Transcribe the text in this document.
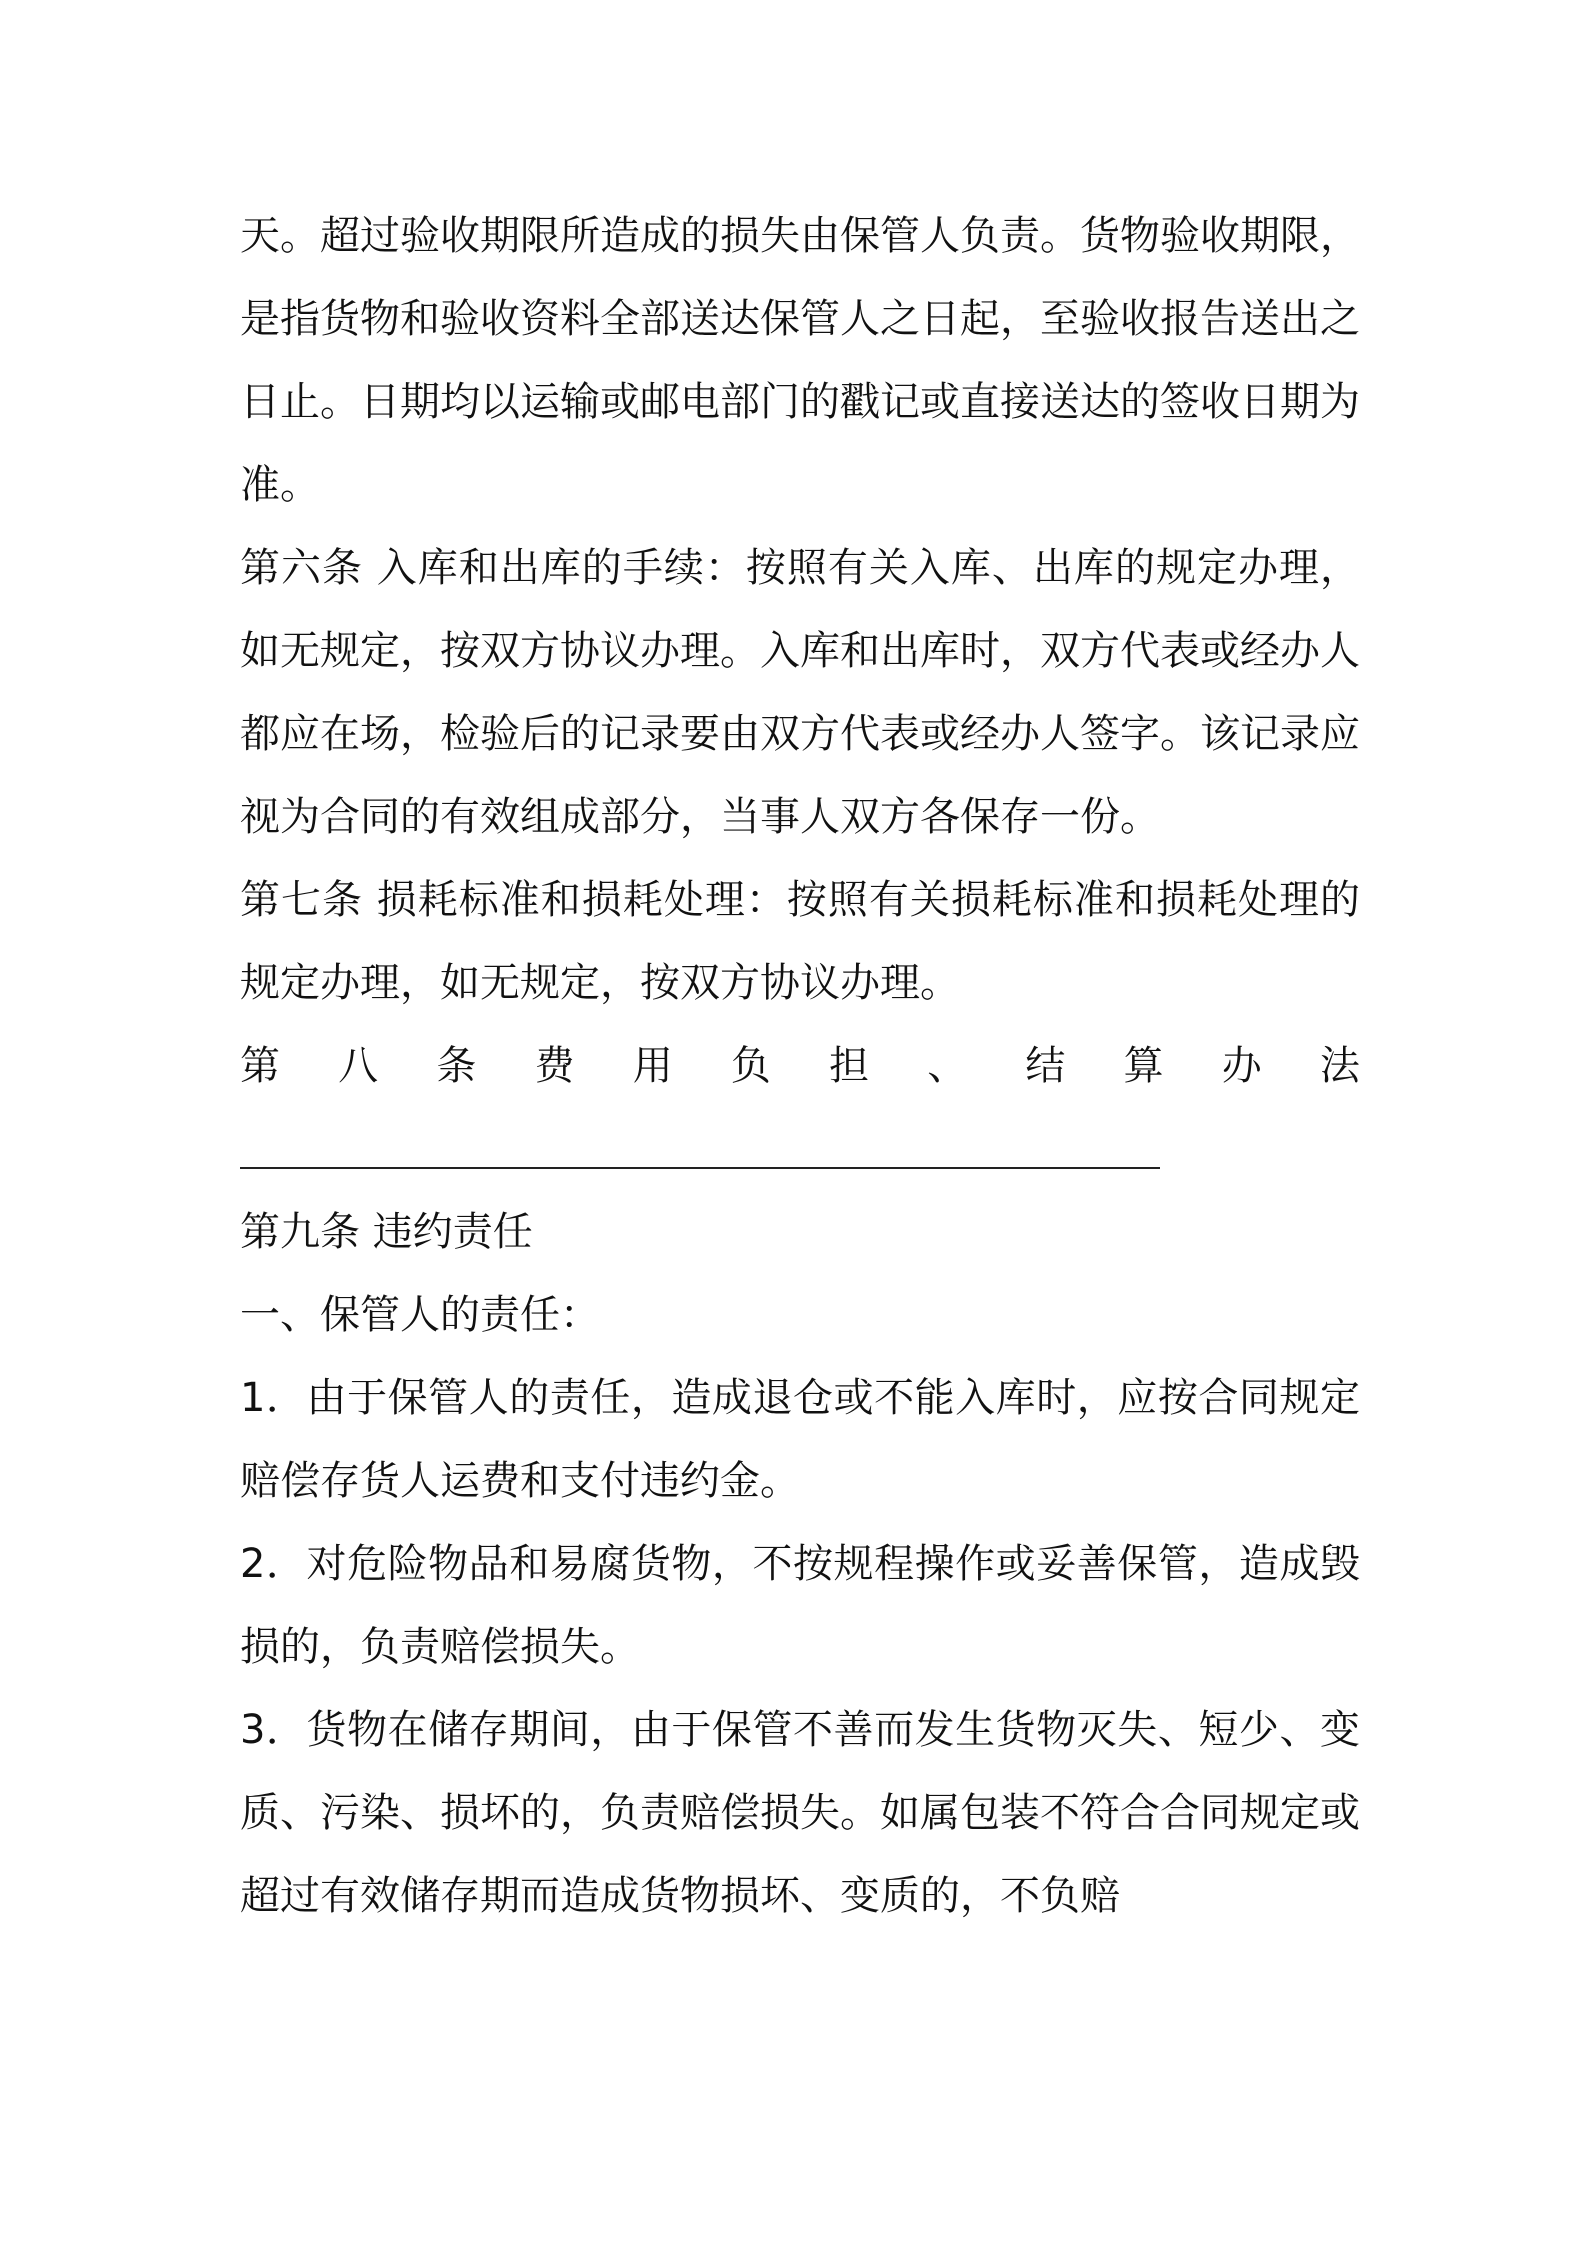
天。超过验收期限所造成的损失由保管人负责。货物验收期限，是指货物和验收资料全部送达保管人之日起，至验收报告送出之日止。日期均以运输或邮电部门的戳记或直接送达的签收日期为准。

第六条 入库和出库的手续：按照有关入库、出库的规定办理，如无规定，按双方协议办理。入库和出库时，双方代表或经办人都应在场，检验后的记录要由双方代表或经办人签字。该记录应视为合同的有效组成部分，当事人双方各保存一份。

第七条 损耗标准和损耗处理：按照有关损耗标准和损耗处理的规定办理，如无规定，按双方协议办理。

第 八 条 费 用 负 担 、 结 算 办 法

第九条 违约责任

一、保管人的责任：

1．由于保管人的责任，造成退仓或不能入库时，应按合同规定赔偿存货人运费和支付违约金。

2．对危险物品和易腐货物，不按规程操作或妥善保管，造成毁损的，负责赔偿损失。

3．货物在储存期间，由于保管不善而发生货物灭失、短少、变质、污染、损坏的，负责赔偿损失。如属包装不符合合同规定或超过有效储存期而造成货物损坏、变质的，不负赔
